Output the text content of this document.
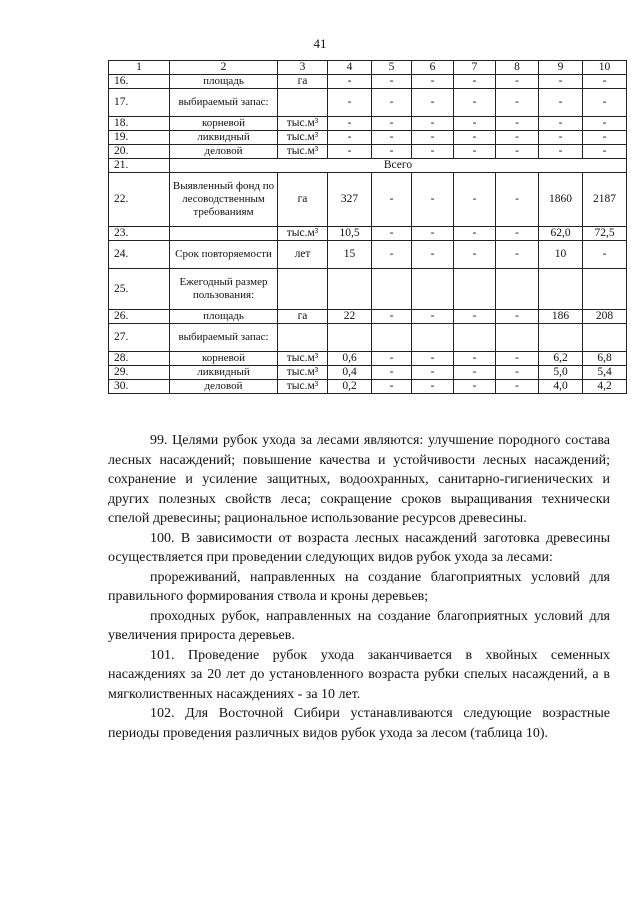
41
1	2	3	4	5	6	7	8	9	10
16.	площадь	га	-	-	-	-	-	-	-
17.	выбираемый запас:		-	-	-	-	-	-	-
18.	корневой	тыс.м³	-	-	-	-	-	-	-
19.	ликвидный	тыс.м³	-	-	-	-	-	-	-
20.	деловой	тыс.м³	-	-	-	-	-	-	-
21.	Всего								
22.	Выявленный фонд по лесоводственным требованиям	га	327	-	-	-	-	1860	2187
23.		тыс.м³	10,5	-	-	-	-	62,0	72,5
24.	Срок повторяемости	лет	15	-	-	-	-	10	-
25.	Ежегодный размер пользования:								
26.	площадь	га	22	-	-	-	-	186	208
27.	выбираемый запас:								
28.	корневой	тыс.м³	0,6	-	-	-	-	6,2	6,8
29.	ликвидный	тыс.м³	0,4	-	-	-	-	5,0	5,4
30.	деловой	тыс.м³	0,2	-	-	-	-	4,0	4,2

99. Целями рубок ухода за лесами являются: улучшение породного состава лесных насаждений; повышение качества и устойчивости лесных насаждений; сохранение и усиление защитных, водоохранных, санитарно-гигиенических и других полезных свойств леса; сокращение сроков выращивания технически спелой древесины; рациональное использование ресурсов древесины.

100. В зависимости от возраста лесных насаждений заготовка древесины осуществляется при проведении следующих видов рубок ухода за лесами:

прореживаний, направленных на создание благоприятных условий для правильного формирования ствола и кроны деревьев;

проходных рубок, направленных на создание благоприятных условий для увеличения прироста деревьев.

101. Проведение рубок ухода заканчивается в хвойных семенных насаждениях за 20 лет до установленного возраста рубки спелых насаждений, а в мягколиственных насаждениях - за 10 лет.

102. Для Восточной Сибири устанавливаются следующие возрастные периоды проведения различных видов рубок ухода за лесом (таблица 10).
